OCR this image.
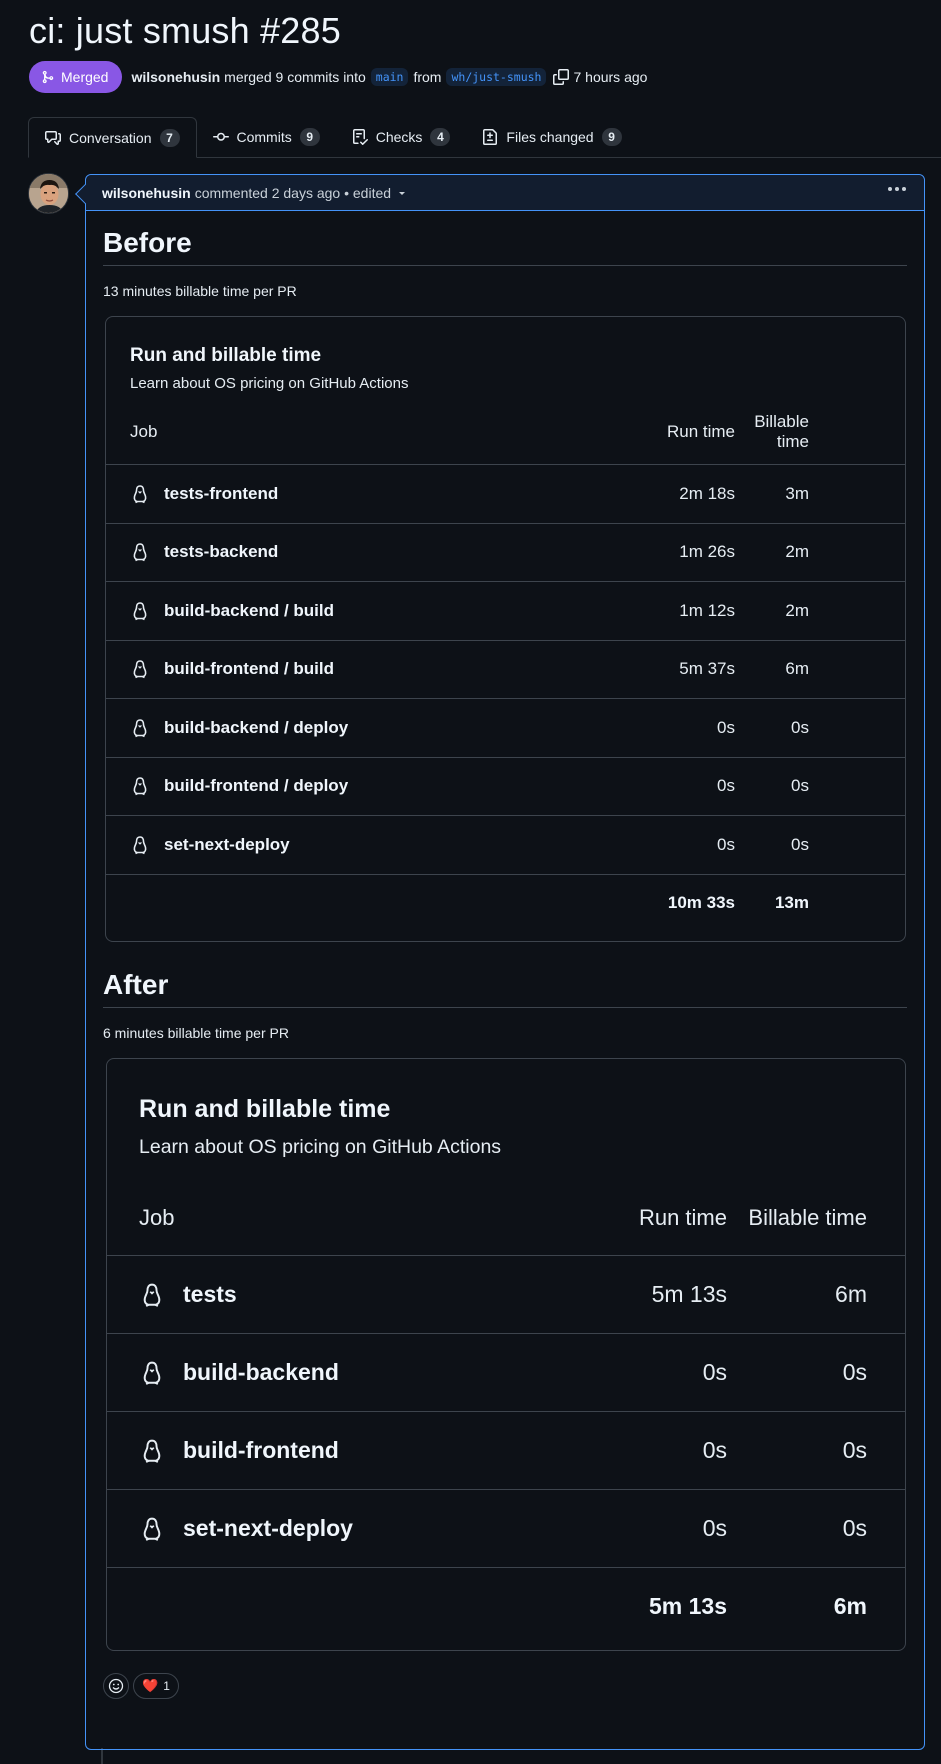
ci: just smush #285
Merged wilsonehusin merged 9 commits into main from wh/just-smush	7 hours ago
Conversation	7	Commits	9	Checks	4	Files changed	9
wilsonehusin commented 2 days ago • edited
Before

13 minutes billable time per PR

Run and billable time
Learn about OS pricing on GitHub Actions
Job	Run time
Billable time
tests-frontend	2m 18s	3m
tests-backend	1m 26s	2m
build-backend / build	1m 12s	2m
build-frontend / build	5m 37s	6m
build-backend / deploy	0s	0s
build-frontend / deploy	0s	0s
set-next-deploy	0s	0s
10m 33s	13m
After

6 minutes billable time per PR

Run and billable time
Learn about OS pricing on GitHub Actions
Job	Run time Billable time
tests	5m 13s	6m
build-backend	0s	0s
build-frontend	0s	0s
set-next-deploy	0s	0s
5m 13s	6m
❤️ 1
